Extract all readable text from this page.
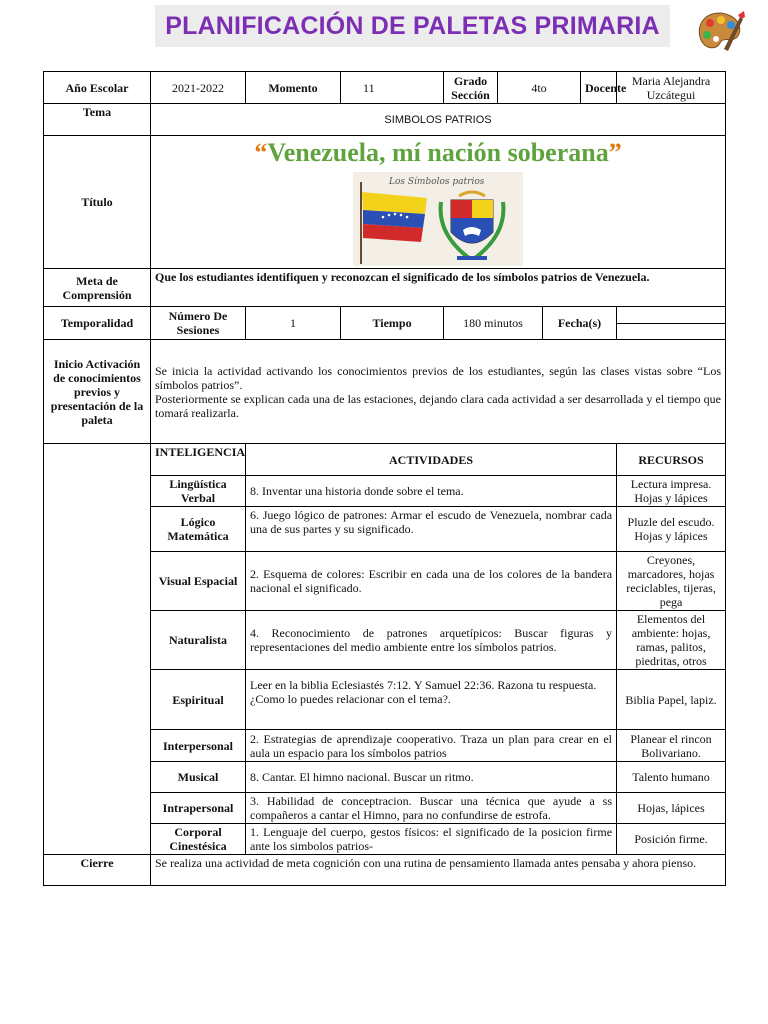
PLANIFICACIÓN DE PALETAS PRIMARIA
Año Escolar	2021-2022	Momento	11	Grado Sección	4to		Docente	Maria Alejandra Uzcátegui
Tema	SIMBOLOS PATRIOS							
Título	“Venezuela, mí nación soberana”
Los Símbolos patrios							

Meta de Comprensión	Que los estudiantes identifiquen y reconozcan el significado de los símbolos patrios de Venezuela.							
Temporalidad	Número De Sesiones	1	Tiempo	180 minutos		Fecha(s)		

Inicio Activación de conocimientos previos y presentación de la paleta	Se inicia la actividad activando los conocimientos previos de los estudiantes, según las clases vistas sobre “Los símbolos patrios”.
Posteriormente se explican cada una de las estaciones, dejando clara cada actividad a ser desarrollada y el tiempo que tomará realizarla.							

	INTELIGENCIA	ACTIVIDADES						RECURSOS
	Lingüística Verbal	8. Inventar una historia donde sobre el tema.						Lectura impresa. Hojas y lápices
	Lógico Matemática	6. Juego lógico de patrones: Armar el escudo de Venezuela, nombrar cada una de sus partes y su significado.						Pluzle del escudo. Hojas y lápices
	Visual Espacial	2. Esquema de colores: Escribir en cada una de los colores de la bandera nacional el significado.						Creyones, marcadores, hojas reciclables, tijeras, pega
	Naturalista	4. Reconocimiento de patrones arquetípicos: Buscar figuras y representaciones del medio ambiente entre los símbolos patrios.						Elementos del ambiente: hojas, ramas, palitos, piedritas, otros
	Espiritual	Leer en la biblia Eclesiastés 7:12. Y Samuel 22:36. Razona tu respuesta. ¿Como lo puedes relacionar con el tema?.						Biblia Papel, lapiz.
	Interpersonal	2. Estrategias de aprendizaje cooperativo. Traza un plan para crear en el aula un espacio para los símbolos patrios						Planear el rincon Bolivariano.
	Musical	8. Cantar. El himno nacional. Buscar un ritmo.						Talento humano
	Intrapersonal	3. Habilidad de conceptracion. Buscar una técnica que ayude a ss compañeros a cantar el Himno, para no confundirse de estrofa.						Hojas, lápices
	Corporal Cinestésica	1. Lenguaje del cuerpo, gestos físicos: el significado de la posicion firme ante los simbolos patrios-						Posición firme.
Cierre	Se realiza una actividad de meta cognición con una rutina de pensamiento llamada antes pensaba y ahora pienso.							
